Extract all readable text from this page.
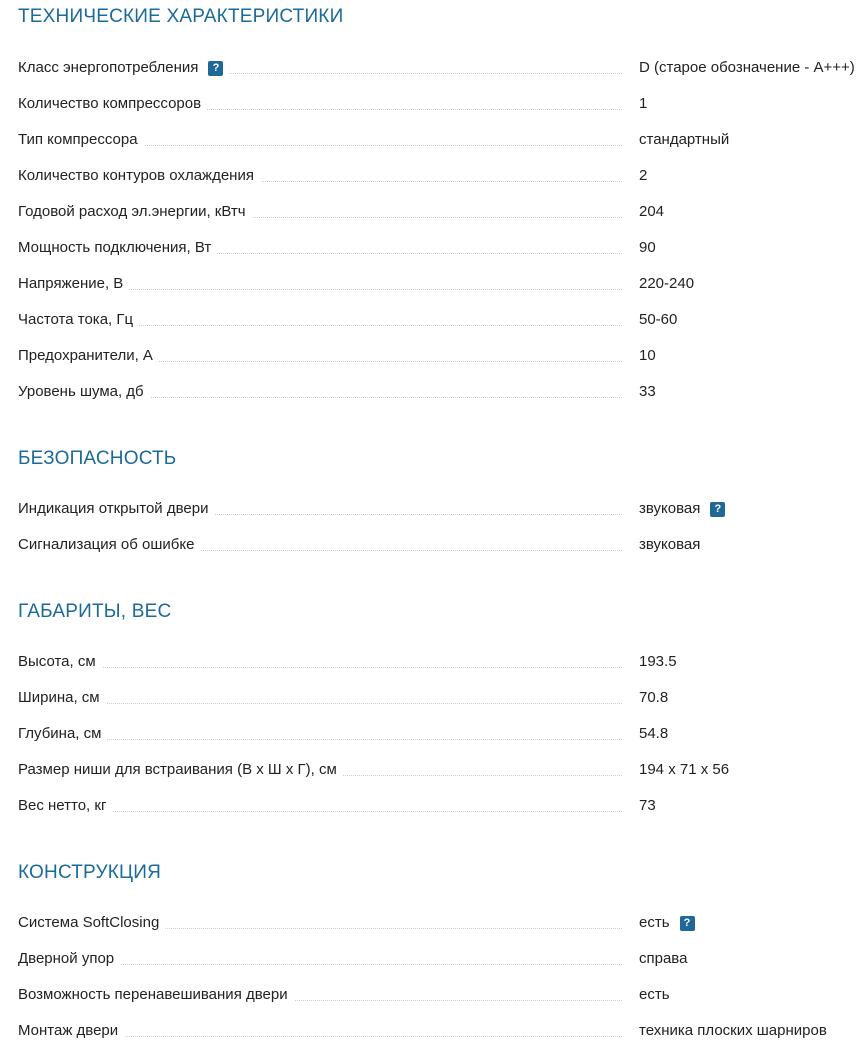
ТЕХНИЧЕСКИЕ ХАРАКТЕРИСТИКИ
Класс энергопотребления	?	D (старое обозначение - A+++)
Количество компрессоров	1
Тип компрессора	стандартный
Количество контуров охлаждения	2
Годовой расход эл.энергии, кВтч	204
Мощность подключения, Вт	90
Напряжение, В	220-240
Частота тока, Гц	50-60
Предохранители, А	10
Уровень шума, дб	33
БЕЗОПАСНОСТЬ
Индикация открытой двери	звуковая	?
Сигнализация об ошибке	звуковая
ГАБАРИТЫ, ВЕС
Высота, см	193.5
Ширина, см	70.8
Глубина, см	54.8
Размер ниши для встраивания (В х Ш х Г), см	194 x 71 x 56
Вес нетто, кг	73
КОНСТРУКЦИЯ
Система SoftClosing	есть	?
Дверной упор	справа
Возможность перенавешивания двери	есть
Монтаж двери	техника плоских шарниров
